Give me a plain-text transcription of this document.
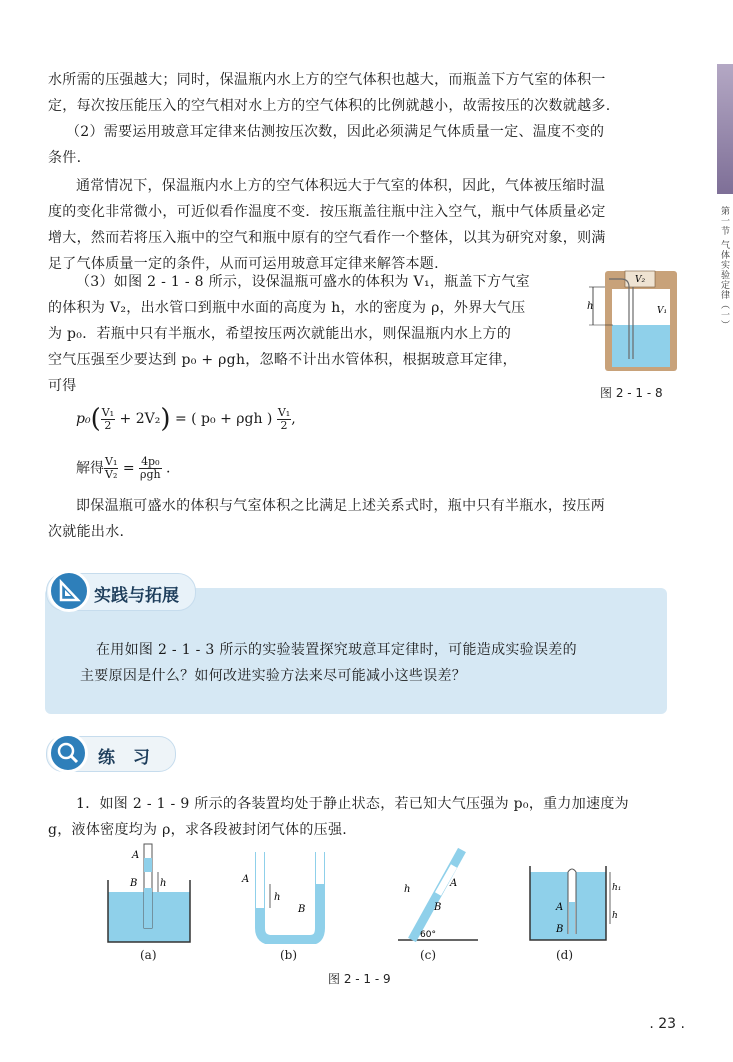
第一节 气体实验定律（一）

水所需的压强越大；同时，保温瓶内水上方的空气体积也越大，而瓶盖下方气室的体积一

定，每次按压能压入的空气相对水上方的空气体积的比例就越小，故需按压的次数就越多.

（2）需要运用玻意耳定律来估测按压次数，因此必须满足气体质量一定、温度不变的

条件.

通常情况下，保温瓶内水上方的空气体积远大于气室的体积，因此，气体被压缩时温

度的变化非常微小，可近似看作温度不变．按压瓶盖往瓶中注入空气，瓶中气体质量必定

增大，然而若将压入瓶中的空气和瓶中原有的空气看作一个整体，以其为研究对象，则满

足了气体质量一定的条件，从而可运用玻意耳定律来解答本题.

（3）如图 2 - 1 - 8 所示，设保温瓶可盛水的体积为 V₁，瓶盖下方气室

的体积为 V₂，出水管口到瓶中水面的高度为 h，水的密度为 ρ，外界大气压

为 p₀．若瓶中只有半瓶水，希望按压两次就能出水，则保温瓶内水上方的

空气压强至少要达到 p₀ + ρgh，忽略不计出水管体积，根据玻意耳定律，

可得

h	V₁
V₂
图 2 - 1 - 8
$p_0( \frac{\text{V₁}}{2} + 2V_2)$ = ( p₀ + ρgh ) $\frac{\text{V₁}}{2}$ ,
解得 $\frac{\text{V₁}}{\text{V₂}} = \frac{\text{4p₀}}{\text{ρgh}}$ .

即保温瓶可盛水的体积与气室体积之比满足上述关系式时，瓶中只有半瓶水，按压两

次就能出水.

实践与拓展

在用如图 2 - 1 - 3 所示的实验装置探究玻意耳定律时，可能造成实验误差的

主要原因是什么？如何改进实验方法来尽可能减小这些误差？

练 习

1．如图 2 - 1 - 9 所示的各装置均处于静止状态，若已知大气压强为 p₀，重力加速度为

g，液体密度均为 ρ，求各段被封闭气体的压强.

A
B h
(a)
A
B
h
(b)
A
B
h
60°
(c)
A
B
h₁
h
(d)
图 2 - 1 - 9
. 23 .
